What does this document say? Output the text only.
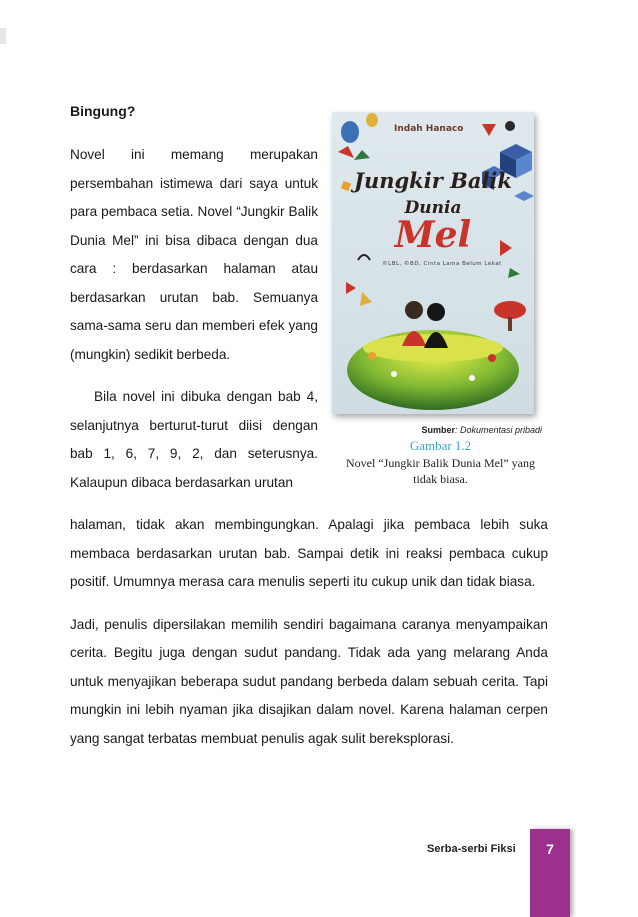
Bingung?

Novel ini memang merupakan persembahan istimewa dari saya untuk para pembaca setia. Novel “Jungkir Balik Dunia Mel” ini bisa dibaca dengan dua cara : berdasarkan halaman atau berdasarkan urutan bab. Semuanya sama-sama seru dan memberi efek yang (mungkin) sedikit berbeda.

Bila novel ini dibuka dengan bab 4, selanjutnya berturut-turut diisi dengan bab 1, 6, 7, 9, 2, dan seterusnya. Kalaupun dibaca berdasarkan urutan

Indah Hanaco
Jungkir Balik
Dunia
Mel
©LBL, ©BD, Cinta Lama Belum Lekat
Sumber: Dokumentasi pribadi
Gambar 1.2
Novel “Jungkir Balik Dunia Mel” yang tidak biasa.

halaman, tidak akan membingungkan. Apalagi jika pembaca lebih suka membaca berdasarkan urutan bab. Sampai detik ini reaksi pembaca cukup positif. Umumnya merasa cara menulis seperti itu cukup unik dan tidak biasa.

Jadi, penulis dipersilakan memilih sendiri bagaimana caranya menyampaikan cerita. Begitu juga dengan sudut pandang. Tidak ada yang melarang Anda untuk menyajikan beberapa sudut pandang berbeda dalam sebuah cerita. Tapi mungkin ini lebih nyaman jika disajikan dalam novel. Karena halaman cerpen yang sangat terbatas membuat penulis agak sulit bereksplorasi.

Serba-serbi Fiksi	7
